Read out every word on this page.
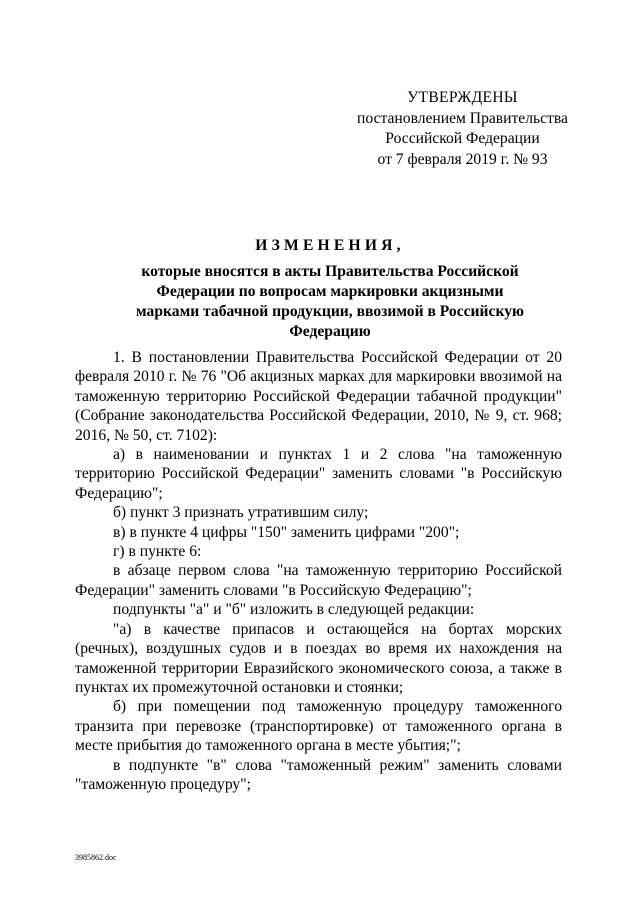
УТВЕРЖДЕНЫ
постановлением Правительства
Российской Федерации
от 7 февраля 2019 г. № 93
ИЗМЕНЕНИЯ,
которые вносятся в акты Правительства Российской Федерации по вопросам маркировки акцизными марками табачной продукции, ввозимой в Российскую Федерацию

1. В постановлении Правительства Российской Федерации от 20 февраля 2010 г. № 76 "Об акцизных марках для маркировки ввозимой на таможенную территорию Российской Федерации табачной продукции" (Собрание законодательства Российской Федерации, 2010, № 9, ст. 968; 2016, № 50, ст. 7102):

а) в наименовании и пунктах 1 и 2 слова "на таможенную территорию Российской Федерации" заменить словами "в Российскую Федерацию";

б) пункт 3 признать утратившим силу;

в) в пункте 4 цифры "150" заменить цифрами "200";

г) в пункте 6:

в абзаце первом слова "на таможенную территорию Российской Федерации" заменить словами "в Российскую Федерацию";

подпункты "а" и "б" изложить в следующей редакции:

"а) в качестве припасов и остающейся на бортах морских (речных), воздушных судов и в поездах во время их нахождения на таможенной территории Евразийского экономического союза, а также в пунктах их промежуточной остановки и стоянки;

б) при помещении под таможенную процедуру таможенного транзита при перевозке (транспортировке) от таможенного органа в месте прибытия до таможенного органа в месте убытия;";

в подпункте "в" слова "таможенный режим" заменить словами "таможенную процедуру";

3985862.doc
